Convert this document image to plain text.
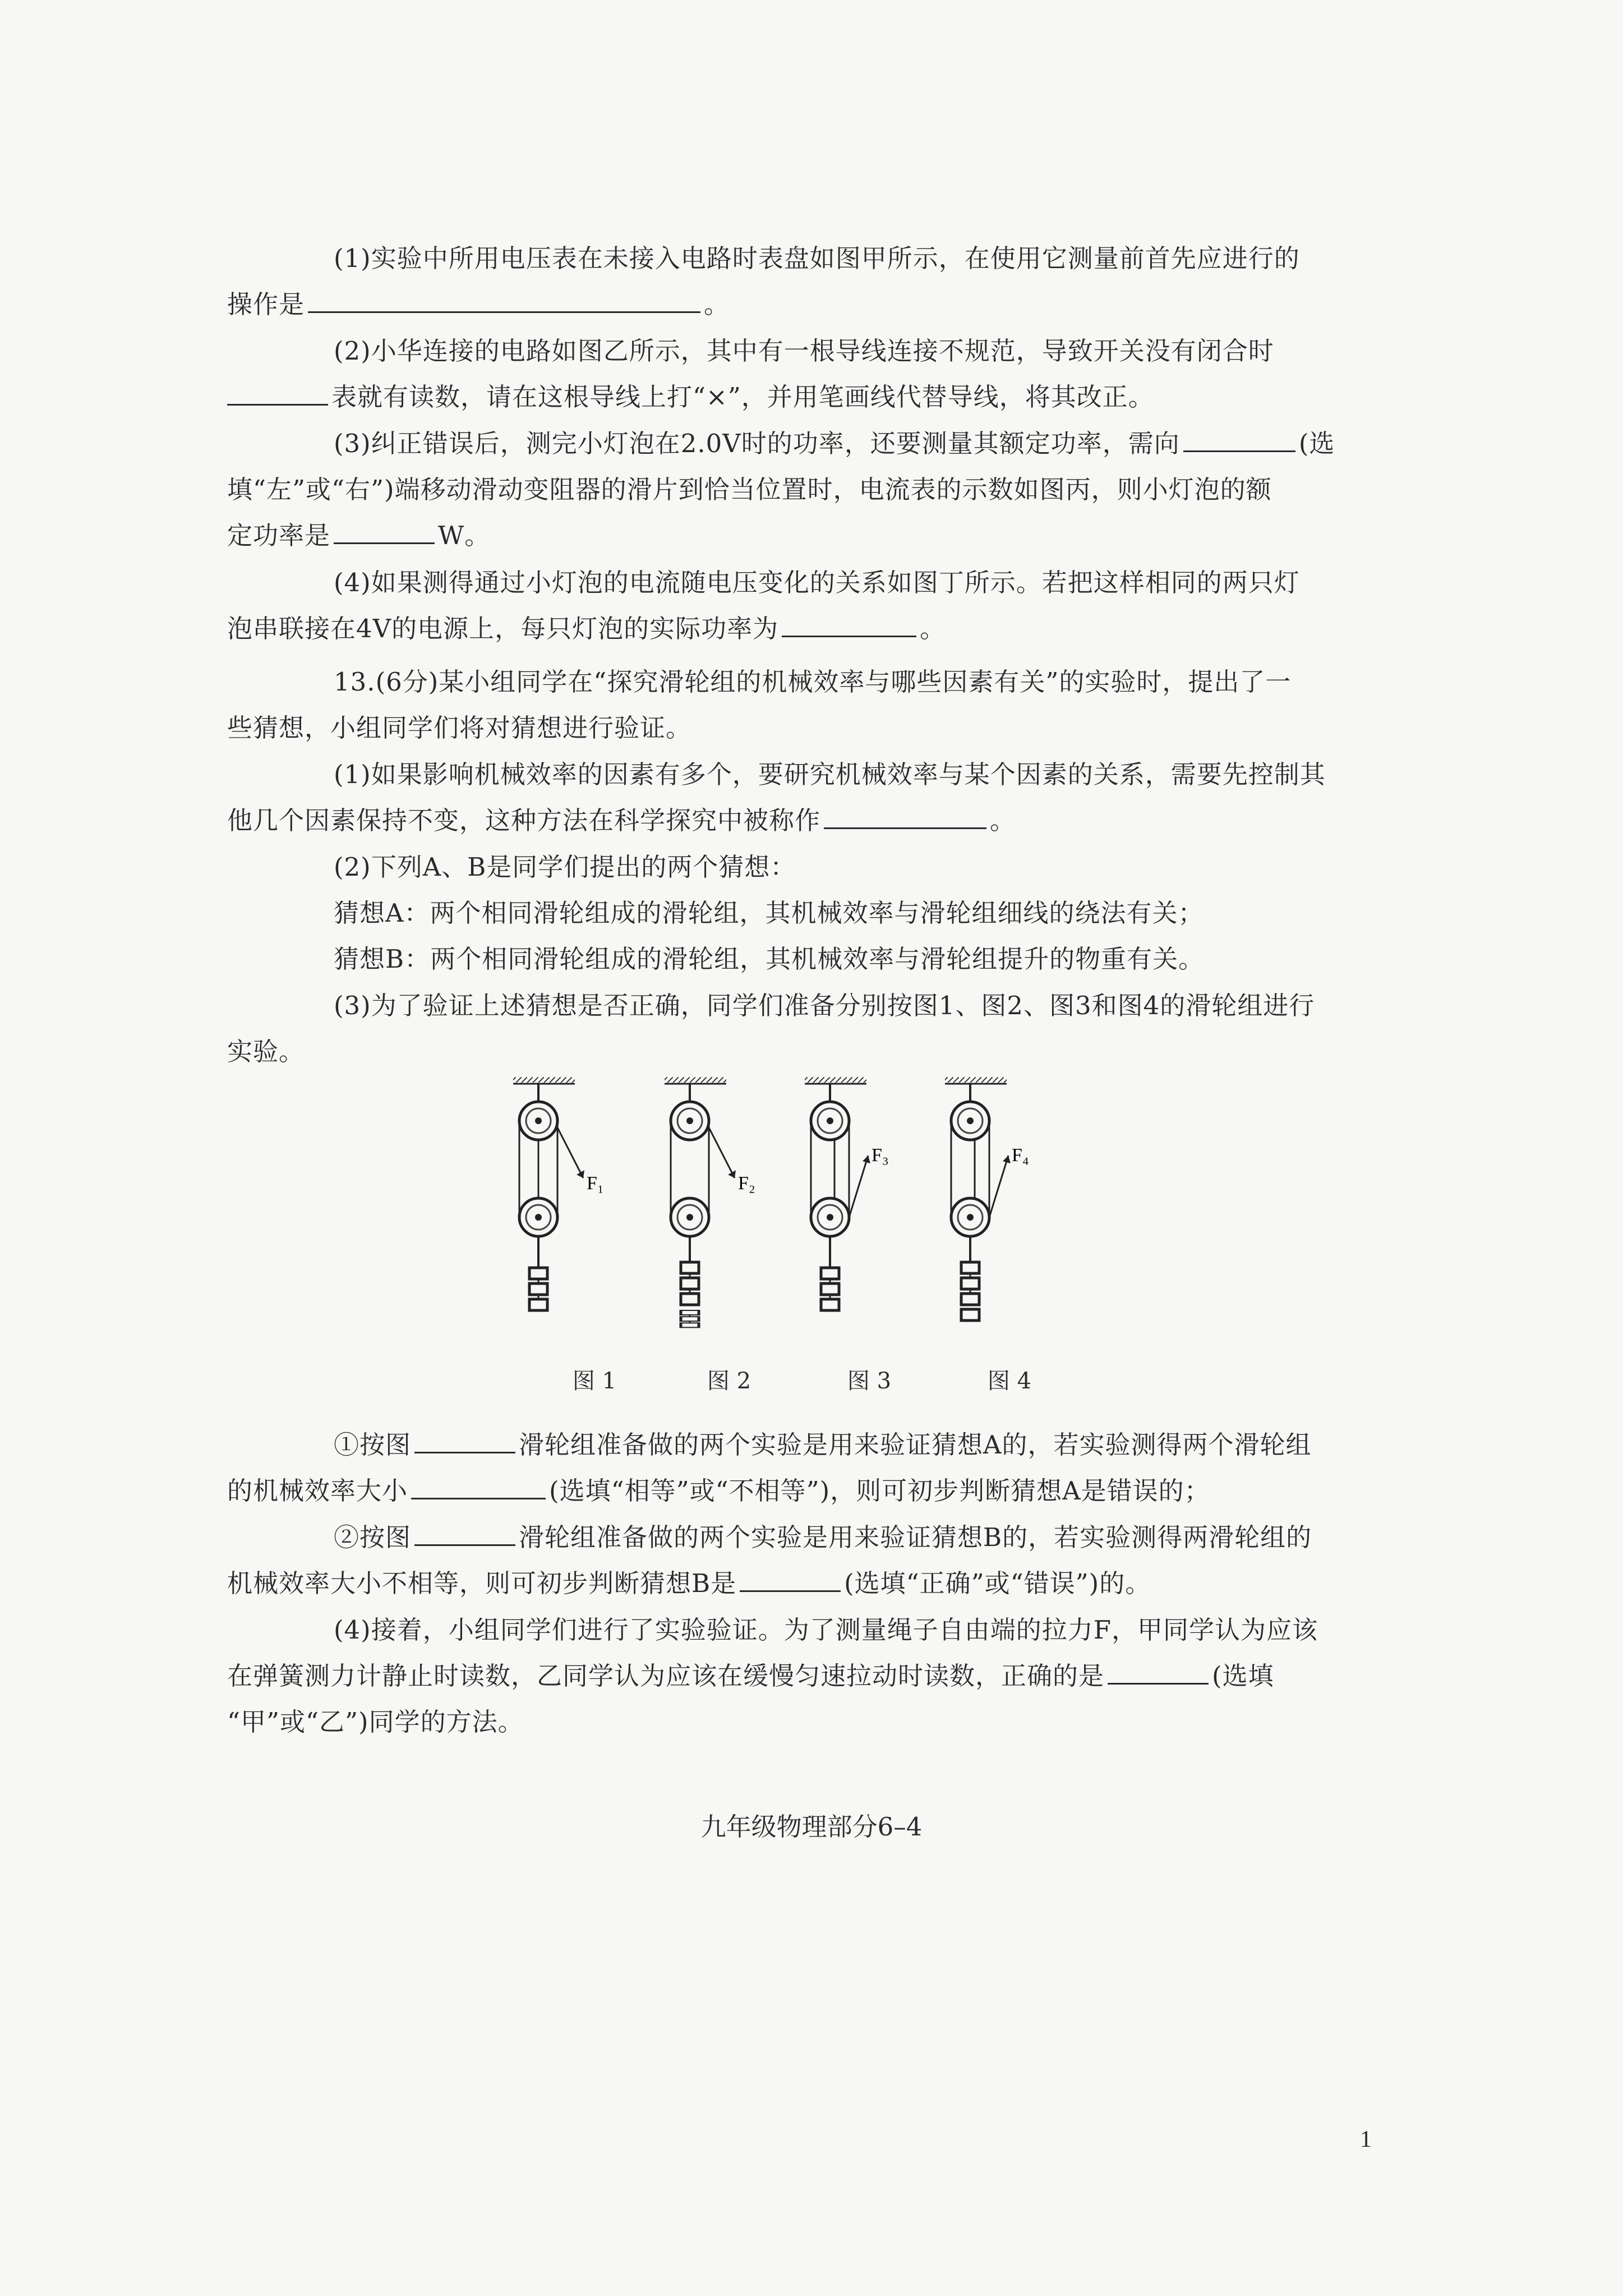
(1)实验中所用电压表在未接入电路时表盘如图甲所示，在使用它测量前首先应进行的
操作是	。
(2)小华连接的电路如图乙所示，其中有一根导线连接不规范，导致开关没有闭合时
表就有读数，请在这根导线上打“×”，并用笔画线代替导线，将其改正。
(3)纠正错误后，测完小灯泡在2.0V时的功率，还要测量其额定功率，需向	(选
填“左”或“右”)端移动滑动变阻器的滑片到恰当位置时，电流表的示数如图丙，则小灯泡的额
定功率是	W。
(4)如果测得通过小灯泡的电流随电压变化的关系如图丁所示。若把这样相同的两只灯
泡串联接在4V的电源上，每只灯泡的实际功率为	。
13.(6分)某小组同学在“探究滑轮组的机械效率与哪些因素有关”的实验时，提出了一
些猜想，小组同学们将对猜想进行验证。
(1)如果影响机械效率的因素有多个，要研究机械效率与某个因素的关系，需要先控制其
他几个因素保持不变，这种方法在科学探究中被称作	。
(2)下列A、B是同学们提出的两个猜想：
猜想A：两个相同滑轮组成的滑轮组，其机械效率与滑轮组细线的绕法有关；
猜想B：两个相同滑轮组成的滑轮组，其机械效率与滑轮组提升的物重有关。
(3)为了验证上述猜想是否正确，同学们准备分别按图1、图2、图3和图4的滑轮组进行
实验。
F₁	F₂
F₃	F₄
图 1	图 2	图 3	图 4
①按图	滑轮组准备做的两个实验是用来验证猜想A的，若实验测得两个滑轮组
的机械效率大小	(选填“相等”或“不相等”)，则可初步判断猜想A是错误的；
②按图	滑轮组准备做的两个实验是用来验证猜想B的，若实验测得两滑轮组的
机械效率大小不相等，则可初步判断猜想B是	(选填“正确”或“错误”)的。
(4)接着，小组同学们进行了实验验证。为了测量绳子自由端的拉力F，甲同学认为应该
在弹簧测力计静止时读数，乙同学认为应该在缓慢匀速拉动时读数，正确的是	(选填
“甲”或“乙”)同学的方法。
九年级物理部分6–4
1
